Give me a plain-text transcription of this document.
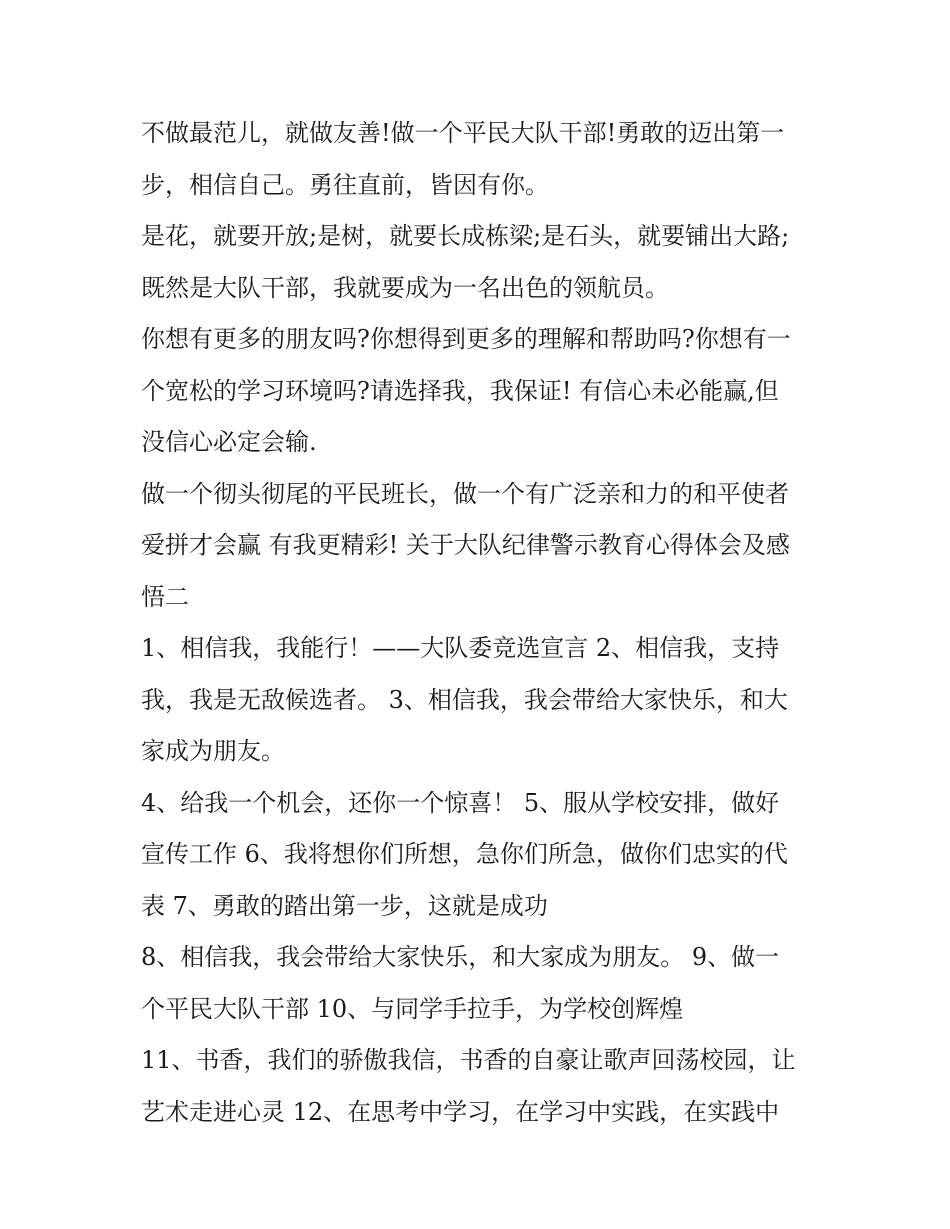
不做最范儿，就做友善!做一个平民大队干部!勇敢的迈出第一
步，相信自己。勇往直前，皆因有你。
是花，就要开放;是树，就要长成栋梁;是石头，就要铺出大路;
既然是大队干部，我就要成为一名出色的领航员。
你想有更多的朋友吗?你想得到更多的理解和帮助吗?你想有一
个宽松的学习环境吗?请选择我，我保证! 有信心未必能赢,但
没信心必定会输.
做一个彻头彻尾的平民班长，做一个有广泛亲和力的和平使者
爱拼才会赢 有我更精彩! 关于大队纪律警示教育心得体会及感
悟二
1、相信我，我能行！——大队委竞选宣言 2、相信我，支持
我，我是无敌候选者。 3、相信我，我会带给大家快乐，和大
家成为朋友。
4、给我一个机会，还你一个惊喜！ 5、服从学校安排，做好
宣传工作 6、我将想你们所想，急你们所急，做你们忠实的代
表 7、勇敢的踏出第一步，这就是成功
8、相信我，我会带给大家快乐，和大家成为朋友。 9、做一
个平民大队干部 10、与同学手拉手，为学校创辉煌
11、书香，我们的骄傲我信，书香的自豪让歌声回荡校园，让
艺术走进心灵 12、在思考中学习，在学习中实践，在实践中
